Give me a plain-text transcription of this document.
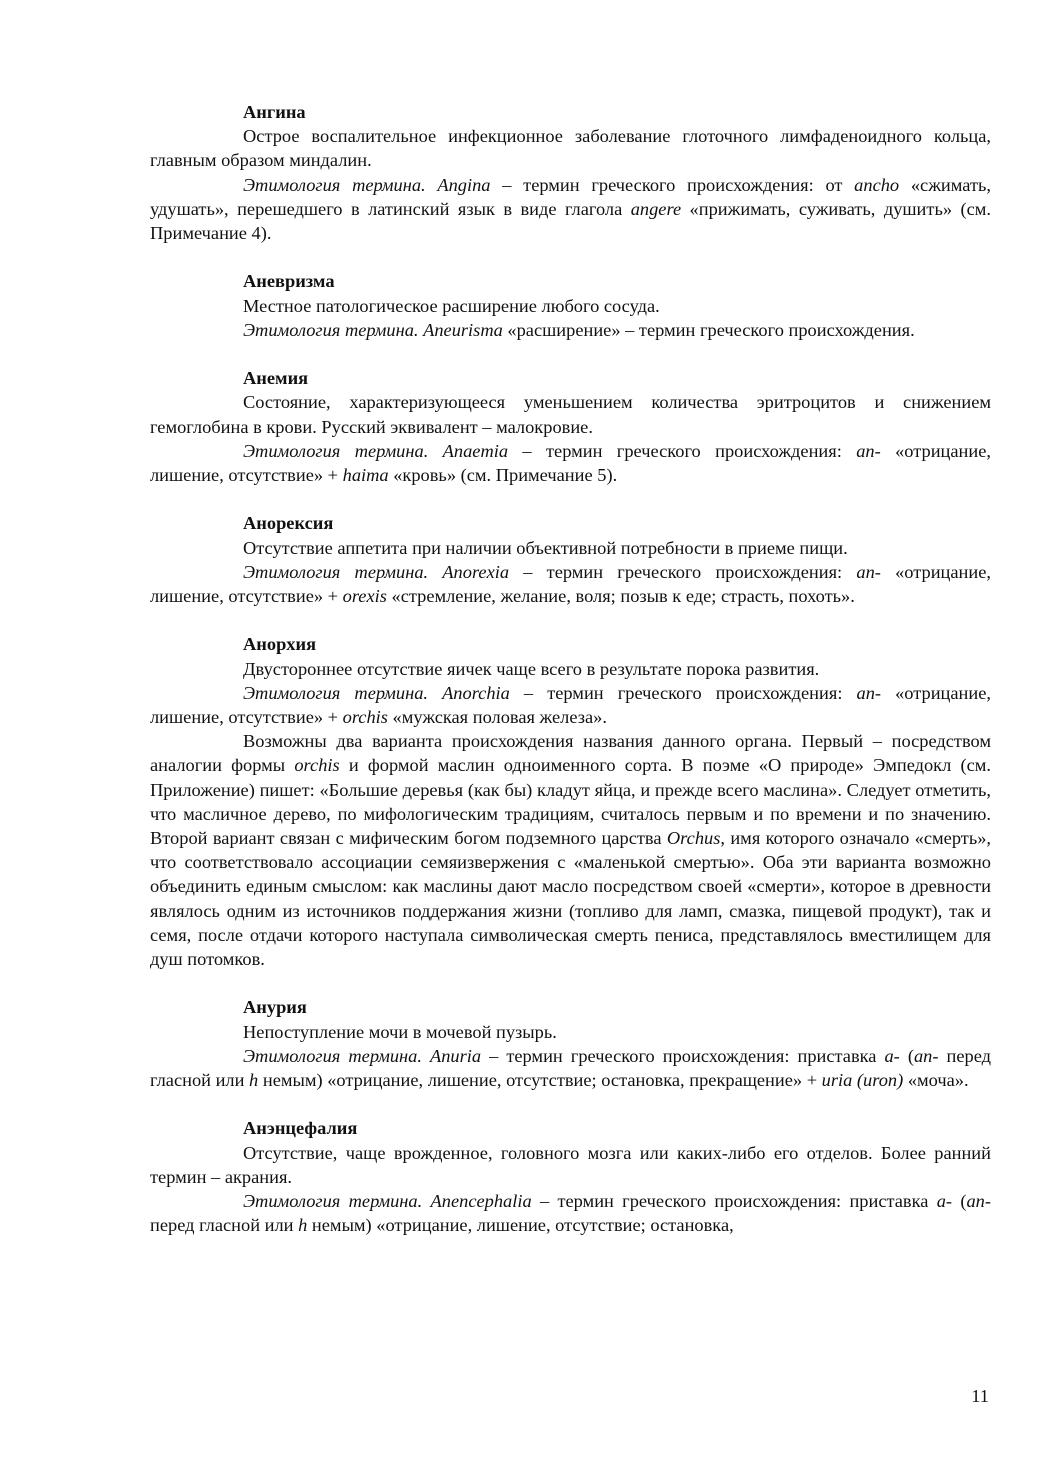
Ангина

Острое воспалительное инфекционное заболевание глоточного лимфаденоидного кольца, главным образом миндалин.

Этимология термина. Angina – термин греческого происхождения: от ancho «сжимать, удушать», перешедшего в латинский язык в виде глагола angere «прижимать, суживать, душить» (см. Примечание 4).

Аневризма

Местное патологическое расширение любого сосуда.

Этимология термина. Aneurisma «расширение» – термин греческого происхождения.

Анемия

Состояние, характеризующееся уменьшением количества эритроцитов и снижением гемоглобина в крови. Русский эквивалент – малокровие.

Этимология термина. Anaemia – термин греческого происхождения: an- «отрицание, лишение, отсутствие» + haima «кровь» (см. Примечание 5).

Анорексия

Отсутствие аппетита при наличии объективной потребности в приеме пищи.

Этимология термина. Anorexia – термин греческого происхождения: an- «отрицание, лишение, отсутствие» + orexis «стремление, желание, воля; позыв к еде; страсть, похоть».

Анорхия

Двустороннее отсутствие яичек чаще всего в результате порока развития.

Этимология термина. Anorchia – термин греческого происхождения: an- «отрицание, лишение, отсутствие» + orchis «мужская половая железа».

Возможны два варианта происхождения названия данного органа. Первый – посредством аналогии формы orchis и формой маслин одноименного сорта. В поэме «О природе» Эмпедокл (см. Приложение) пишет: «Большие деревья (как бы) кладут яйца, и прежде всего маслина». Следует отметить, что масличное дерево, по мифологическим традициям, считалось первым и по времени и по значению. Второй вариант связан с мифическим богом подземного царства Orchus, имя которого означало «смерть», что соответствовало ассоциации семяизвержения с «маленькой смертью». Оба эти варианта возможно объединить единым смыслом: как маслины дают масло посредством своей «смерти», которое в древности являлось одним из источников поддержания жизни (топливо для ламп, смазка, пищевой продукт), так и семя, после отдачи которого наступала символическая смерть пениса, представлялось вместилищем для душ потомков.

Анурия

Непоступление мочи в мочевой пузырь.

Этимология термина. Anuria – термин греческого происхождения: приставка a- (an- перед гласной или h немым) «отрицание, лишение, отсутствие; остановка, прекращение» + uria (uron) «моча».

Анэнцефалия

Отсутствие, чаще врожденное, головного мозга или каких-либо его отделов. Более ранний термин – акрания.

Этимология термина. Anencephalia – термин греческого происхождения: приставка a- (an- перед гласной или h немым) «отрицание, лишение, отсутствие; остановка,

11
